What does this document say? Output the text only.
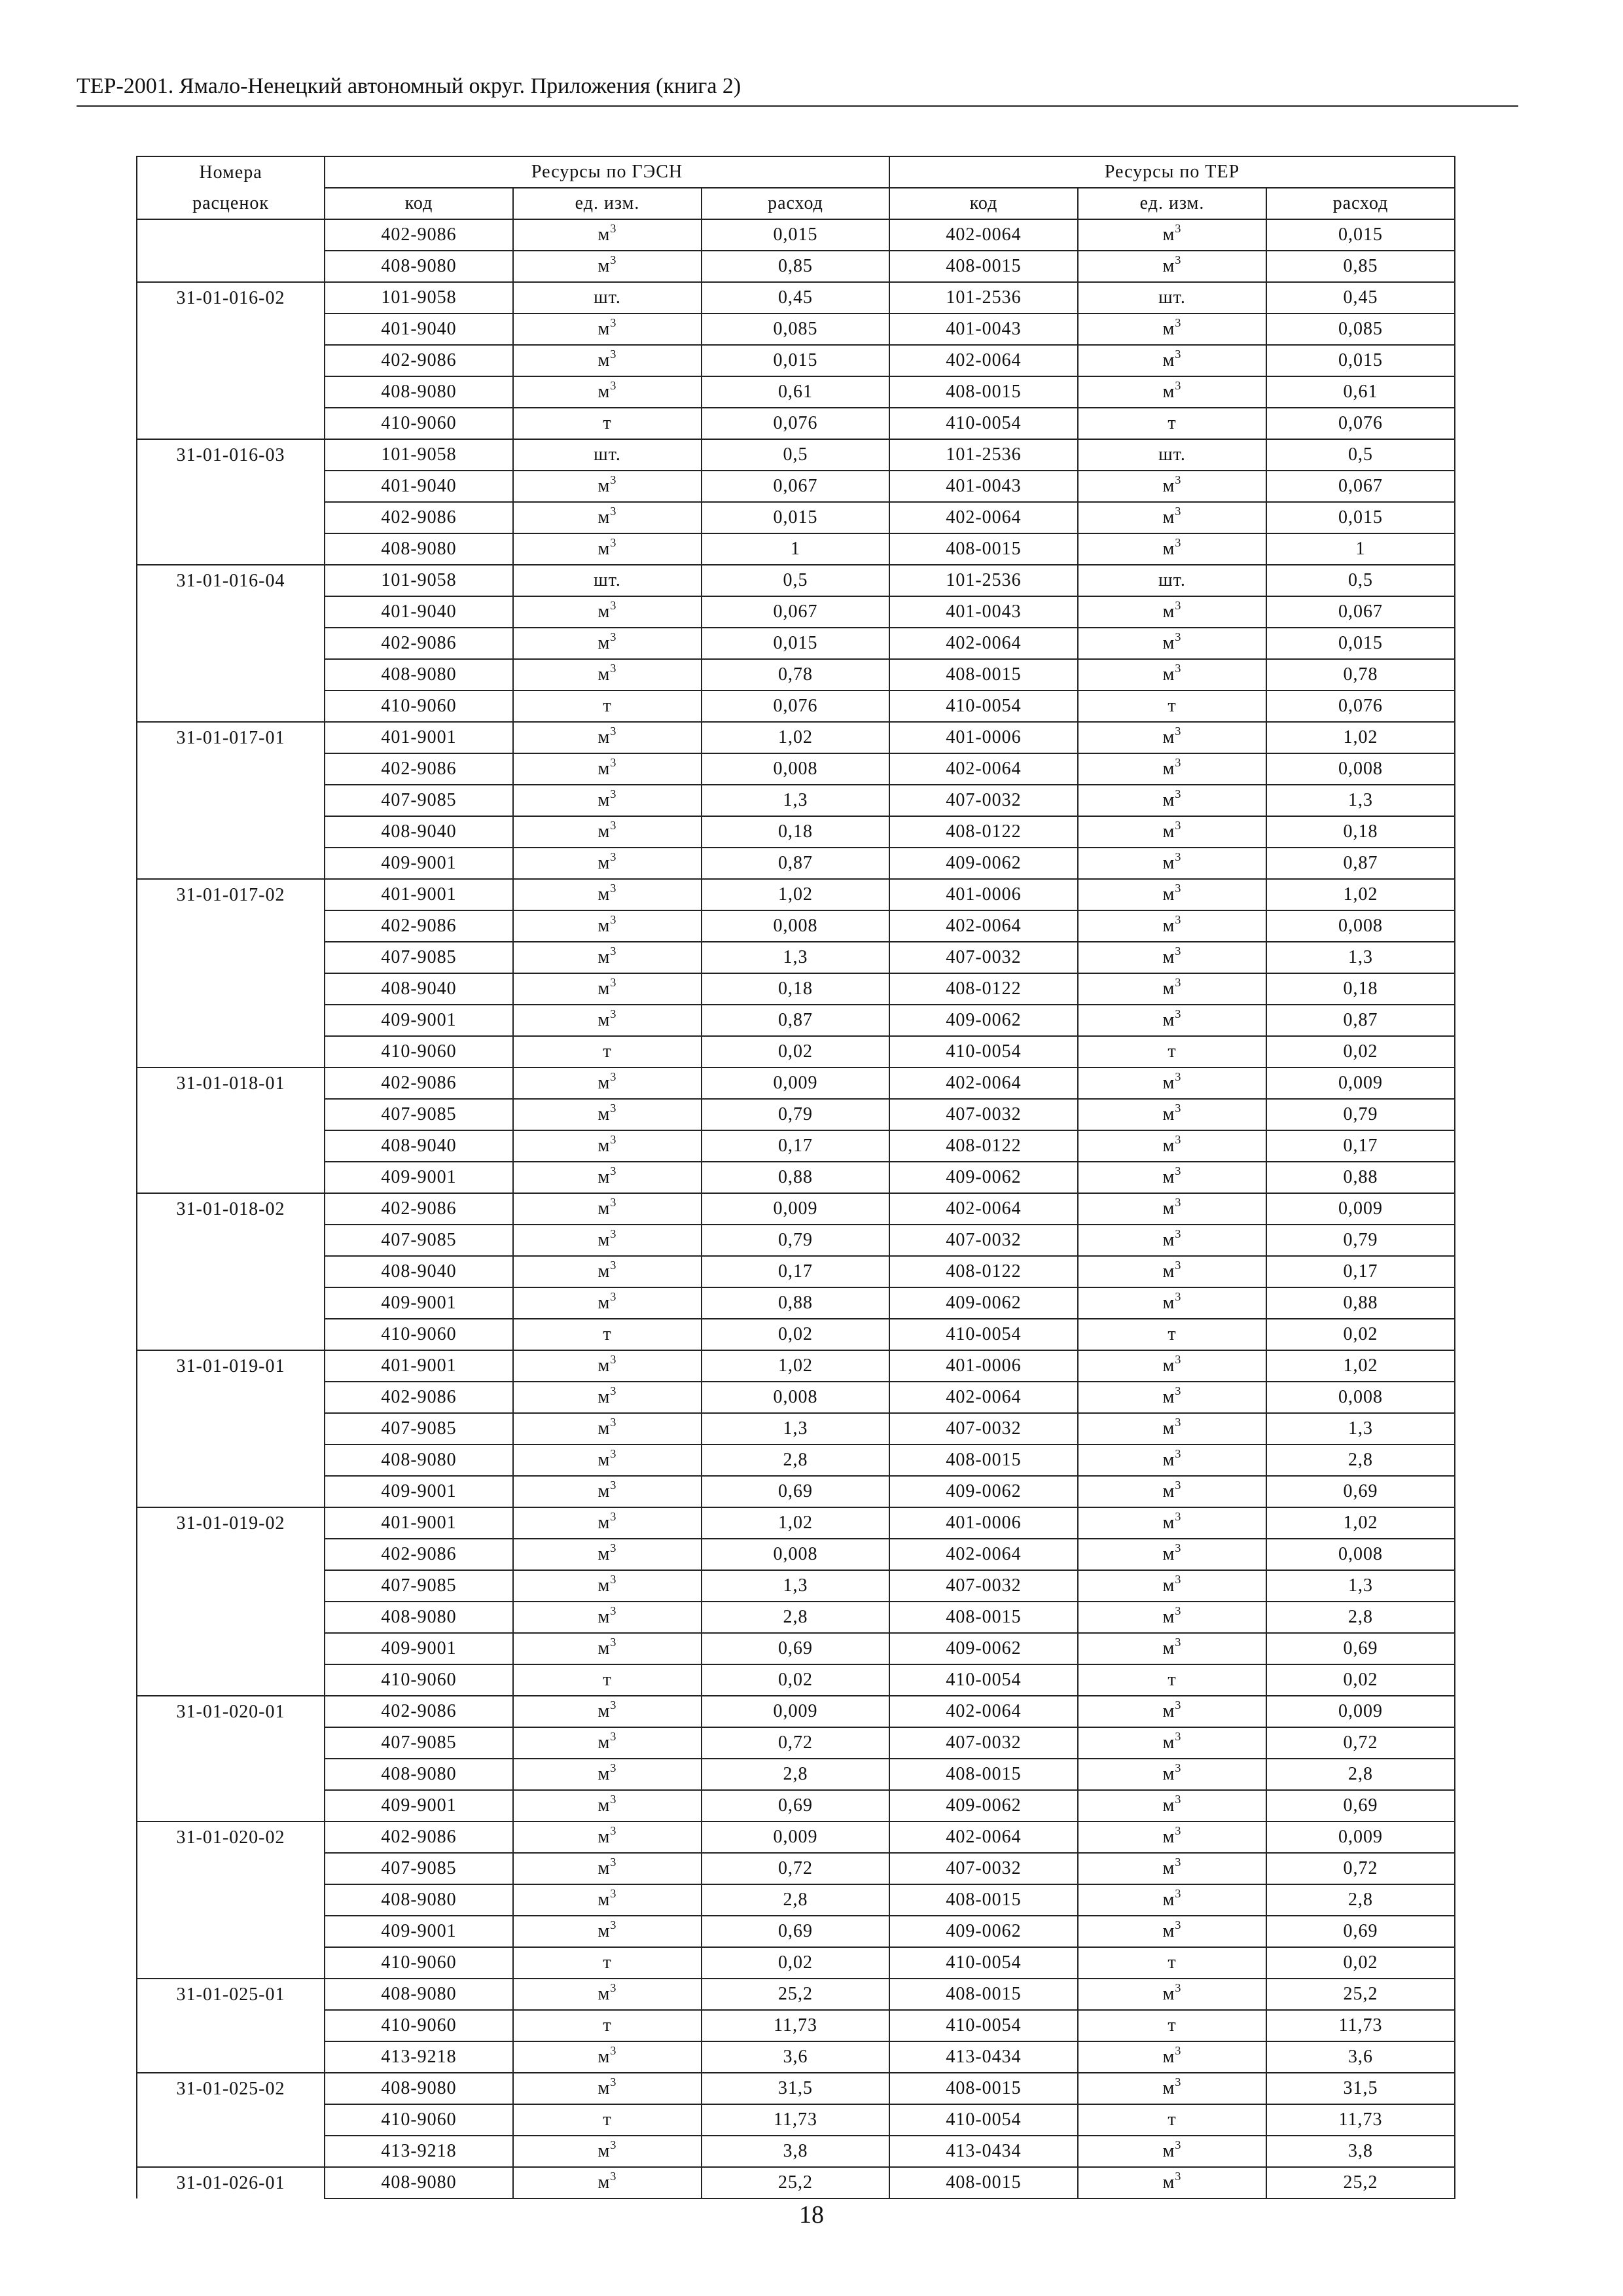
ТЕР-2001. Ямало-Ненецкий автономный округ. Приложения (книга 2)
Номера	Ресурсы по ГЭСН			Ресурсы по ТЕР		
расценок	код	ед. изм.	расход	код	ед. изм.	расход
	402-9086	$м^3$	0,015	402-0064	$м^3$	0,015
	408-9080	$м^3$	0,85	408-0015	$м^3$	0,85
31-01-016-02	101-9058	шт.	0,45	101-2536	шт.	0,45
	401-9040	$м^3$	0,085	401-0043	$м^3$	0,085
	402-9086	$м^3$	0,015	402-0064	$м^3$	0,015
	408-9080	$м^3$	0,61	408-0015	$м^3$	0,61
	410-9060	т	0,076	410-0054	т	0,076
31-01-016-03	101-9058	шт.	0,5	101-2536	шт.	0,5
	401-9040	$м^3$	0,067	401-0043	$м^3$	0,067
	402-9086	$м^3$	0,015	402-0064	$м^3$	0,015
	408-9080	$м^3$	1	408-0015	$м^3$	1
31-01-016-04	101-9058	шт.	0,5	101-2536	шт.	0,5
	401-9040	$м^3$	0,067	401-0043	$м^3$	0,067
	402-9086	$м^3$	0,015	402-0064	$м^3$	0,015
	408-9080	$м^3$	0,78	408-0015	$м^3$	0,78
	410-9060	т	0,076	410-0054	т	0,076
31-01-017-01	401-9001	$м^3$	1,02	401-0006	$м^3$	1,02
	402-9086	$м^3$	0,008	402-0064	$м^3$	0,008
	407-9085	$м^3$	1,3	407-0032	$м^3$	1,3
	408-9040	$м^3$	0,18	408-0122	$м^3$	0,18
	409-9001	$м^3$	0,87	409-0062	$м^3$	0,87
31-01-017-02	401-9001	$м^3$	1,02	401-0006	$м^3$	1,02
	402-9086	$м^3$	0,008	402-0064	$м^3$	0,008
	407-9085	$м^3$	1,3	407-0032	$м^3$	1,3
	408-9040	$м^3$	0,18	408-0122	$м^3$	0,18
	409-9001	$м^3$	0,87	409-0062	$м^3$	0,87
	410-9060	т	0,02	410-0054	т	0,02
31-01-018-01	402-9086	$м^3$	0,009	402-0064	$м^3$	0,009
	407-9085	$м^3$	0,79	407-0032	$м^3$	0,79
	408-9040	$м^3$	0,17	408-0122	$м^3$	0,17
	409-9001	$м^3$	0,88	409-0062	$м^3$	0,88
31-01-018-02	402-9086	$м^3$	0,009	402-0064	$м^3$	0,009
	407-9085	$м^3$	0,79	407-0032	$м^3$	0,79
	408-9040	$м^3$	0,17	408-0122	$м^3$	0,17
	409-9001	$м^3$	0,88	409-0062	$м^3$	0,88
	410-9060	т	0,02	410-0054	т	0,02
31-01-019-01	401-9001	$м^3$	1,02	401-0006	$м^3$	1,02
	402-9086	$м^3$	0,008	402-0064	$м^3$	0,008
	407-9085	$м^3$	1,3	407-0032	$м^3$	1,3
	408-9080	$м^3$	2,8	408-0015	$м^3$	2,8
	409-9001	$м^3$	0,69	409-0062	$м^3$	0,69
31-01-019-02	401-9001	$м^3$	1,02	401-0006	$м^3$	1,02
	402-9086	$м^3$	0,008	402-0064	$м^3$	0,008
	407-9085	$м^3$	1,3	407-0032	$м^3$	1,3
	408-9080	$м^3$	2,8	408-0015	$м^3$	2,8
	409-9001	$м^3$	0,69	409-0062	$м^3$	0,69
	410-9060	т	0,02	410-0054	т	0,02
31-01-020-01	402-9086	$м^3$	0,009	402-0064	$м^3$	0,009
	407-9085	$м^3$	0,72	407-0032	$м^3$	0,72
	408-9080	$м^3$	2,8	408-0015	$м^3$	2,8
	409-9001	$м^3$	0,69	409-0062	$м^3$	0,69
31-01-020-02	402-9086	$м^3$	0,009	402-0064	$м^3$	0,009
	407-9085	$м^3$	0,72	407-0032	$м^3$	0,72
	408-9080	$м^3$	2,8	408-0015	$м^3$	2,8
	409-9001	$м^3$	0,69	409-0062	$м^3$	0,69
	410-9060	т	0,02	410-0054	т	0,02
31-01-025-01	408-9080	$м^3$	25,2	408-0015	$м^3$	25,2
	410-9060	т	11,73	410-0054	т	11,73
	413-9218	$м^3$	3,6	413-0434	$м^3$	3,6
31-01-025-02	408-9080	$м^3$	31,5	408-0015	$м^3$	31,5
	410-9060	т	11,73	410-0054	т	11,73
	413-9218	$м^3$	3,8	413-0434	$м^3$	3,8
31-01-026-01	408-9080	$м^3$	25,2	408-0015	$м^3$	25,2
18
